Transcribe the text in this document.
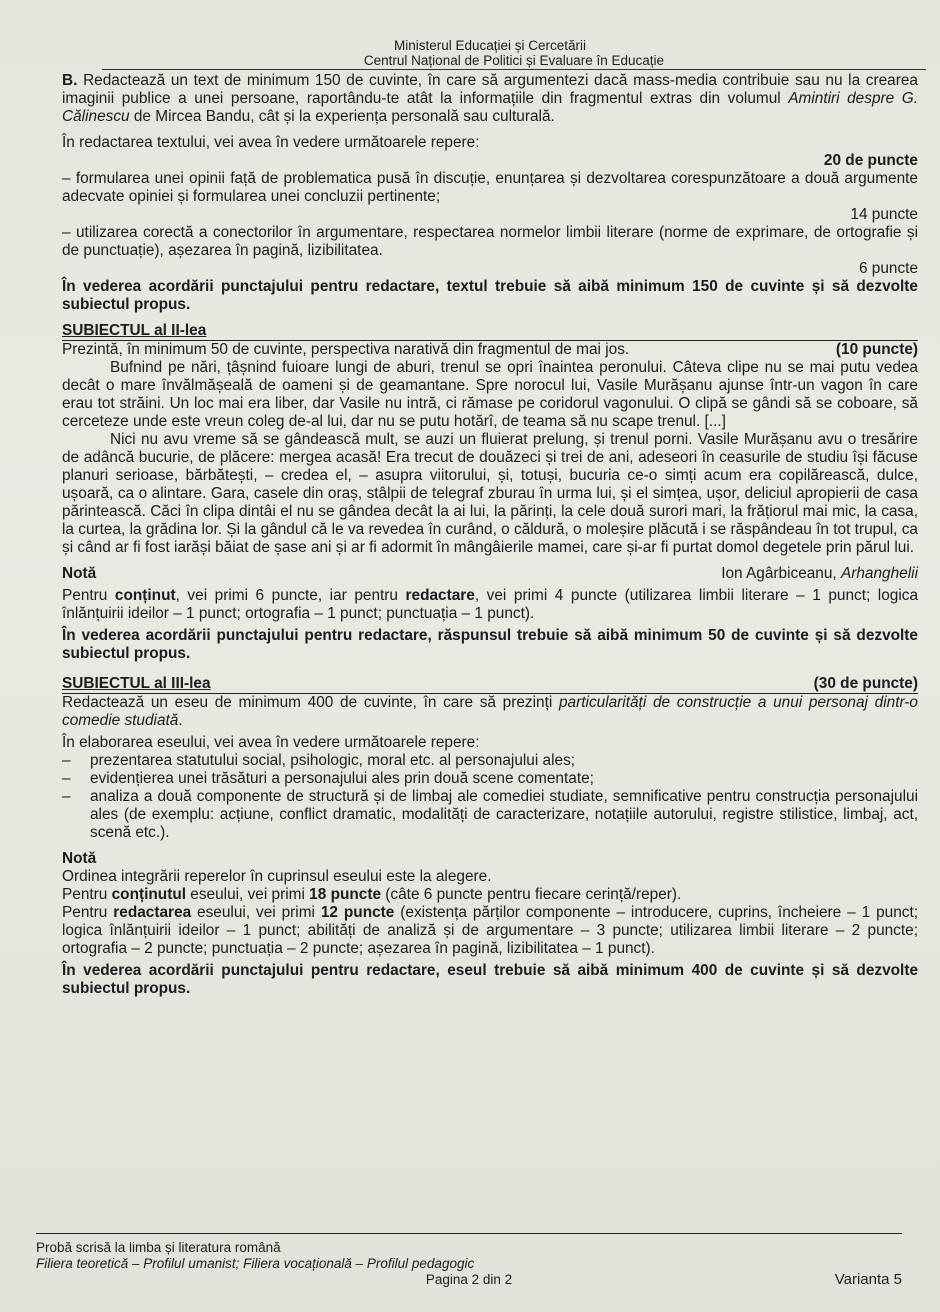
Ministerul Educației și Cercetării
Centrul Național de Politici și Evaluare în Educație

B. Redactează un text de minimum 150 de cuvinte, în care să argumentezi dacă mass-media contribuie sau nu la crearea imaginii publice a unei persoane, raportându-te atât la informațiile din fragmentul extras din volumul Amintiri despre G. Călinescu de Mircea Bandu, cât și la experiența personală sau culturală.

În redactarea textului, vei avea în vedere următoarele repere:

20 de puncte

– formularea unei opinii față de problematica pusă în discuție, enunțarea și dezvoltarea corespunzătoare a două argumente adecvate opiniei și formularea unei concluzii pertinente;

14 puncte

– utilizarea corectă a conectorilor în argumentare, respectarea normelor limbii literare (norme de exprimare, de ortografie și de punctuație), așezarea în pagină, lizibilitatea.

6 puncte

În vederea acordării punctajului pentru redactare, textul trebuie să aibă minimum 150 de cuvinte și să dezvolte subiectul propus.

SUBIECTUL al II-lea
Prezintă, în minimum 50 de cuvinte, perspectiva narativă din fragmentul de mai jos.	(10 puncte)

Bufnind pe nări, țâșnind fuioare lungi de aburi, trenul se opri înaintea peronului. Câteva clipe nu se mai putu vedea decât o mare învălmășeală de oameni și de geamantane. Spre norocul lui, Vasile Murășanu ajunse într-un vagon în care erau tot străini. Un loc mai era liber, dar Vasile nu intră, ci rămase pe coridorul vagonului. O clipă se gândi să se coboare, să cerceteze unde este vreun coleg de-al lui, dar nu se putu hotărî, de teama să nu scape trenul. [...]

Nici nu avu vreme să se gândească mult, se auzi un fluierat prelung, și trenul porni. Vasile Murășanu avu o tresărire de adâncă bucurie, de plăcere: mergea acasă! Era trecut de douăzeci și trei de ani, adeseori în ceasurile de studiu își făcuse planuri serioase, bărbătești, – credea el, – asupra viitorului, și, totuși, bucuria ce-o simți acum era copilărească, dulce, ușoară, ca o alintare. Gara, casele din oraș, stâlpii de telegraf zburau în urma lui, și el simțea, ușor, deliciul apropierii de casa părintească. Căci în clipa dintâi el nu se gândea decât la ai lui, la părinți, la cele două surori mari, la frățiorul mai mic, la casa, la curtea, la grădina lor. Și la gândul că le va revedea în curând, o căldură, o moleșire plăcută i se răspândeau în tot trupul, ca și când ar fi fost iarăși băiat de șase ani și ar fi adormit în mângâierile mamei, care și-ar fi purtat domol degetele prin părul lui.

Notă	Ion Agârbiceanu, Arhanghelii

Pentru conținut, vei primi 6 puncte, iar pentru redactare, vei primi 4 puncte (utilizarea limbii literare – 1 punct; logica înlănțuirii ideilor – 1 punct; ortografia – 1 punct; punctuația – 1 punct).

În vederea acordării punctajului pentru redactare, răspunsul trebuie să aibă minimum 50 de cuvinte și să dezvolte subiectul propus.

SUBIECTUL al III-lea	(30 de puncte)

Redactează un eseu de minimum 400 de cuvinte, în care să prezinți particularități de construcție a unui personaj dintr-o comedie studiată.

În elaborarea eseului, vei avea în vedere următoarele repere:

– prezentarea statutului social, psihologic, moral etc. al personajului ales;
– evidențierea unei trăsături a personajului ales prin două scene comentate;
– analiza a două componente de structură și de limbaj ale comediei studiate, semnificative pentru construcția personajului ales (de exemplu: acțiune, conflict dramatic, modalități de caracterizare, notațiile autorului, registre stilistice, limbaj, act, scenă etc.).

Notă

Ordinea integrării reperelor în cuprinsul eseului este la alegere.

Pentru conținutul eseului, vei primi 18 puncte (câte 6 puncte pentru fiecare cerință/reper).

Pentru redactarea eseului, vei primi 12 puncte (existența părților componente – introducere, cuprins, încheiere – 1 punct; logica înlănțuirii ideilor – 1 punct; abilități de analiză și de argumentare – 3 puncte; utilizarea limbii literare – 2 puncte; ortografia – 2 puncte; punctuația – 2 puncte; așezarea în pagină, lizibilitatea – 1 punct).

În vederea acordării punctajului pentru redactare, eseul trebuie să aibă minimum 400 de cuvinte și să dezvolte subiectul propus.

Probă scrisă la limba și literatura română
Filiera teoretică – Profilul umanist; Filiera vocațională – Profilul pedagogic
Pagina 2 din 2	Varianta 5
